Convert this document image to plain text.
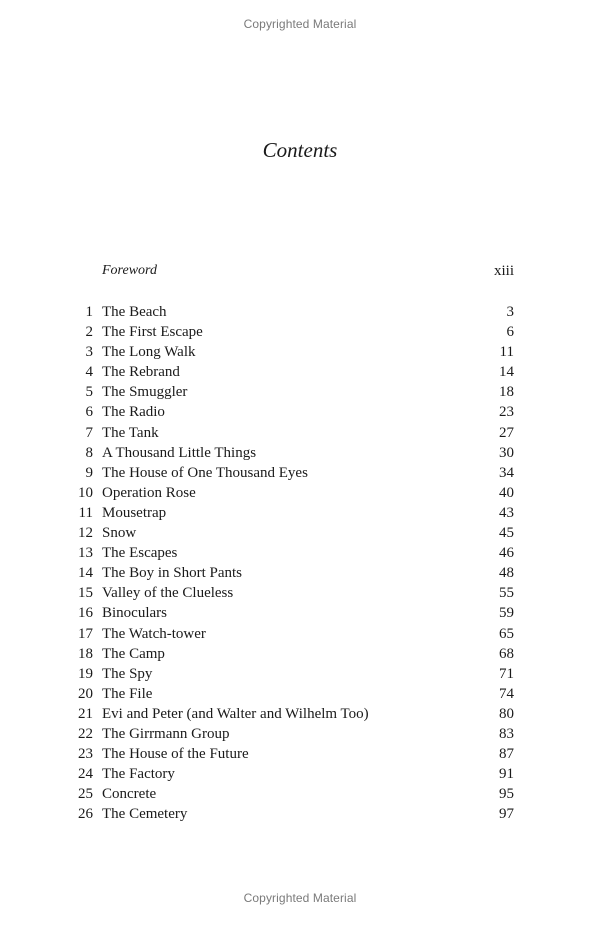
Copyrighted Material
Contents
Foreword	xiii
1 The Beach	3
2 The First Escape	6
3 The Long Walk	11
4 The Rebrand	14
5 The Smuggler	18
6 The Radio	23
7 The Tank	27
8 A Thousand Little Things	30
9 The House of One Thousand Eyes	34
10 Operation Rose	40
11 Mousetrap	43
12 Snow	45
13 The Escapes	46
14 The Boy in Short Pants	48
15 Valley of the Clueless	55
16 Binoculars	59
17 The Watch-tower	65
18 The Camp	68
19 The Spy	71
20 The File	74
21 Evi and Peter (and Walter and Wilhelm Too)	80
22 The Girrmann Group	83
23 The House of the Future	87
24 The Factory	91
25 Concrete	95
26 The Cemetery	97
Copyrighted Material
